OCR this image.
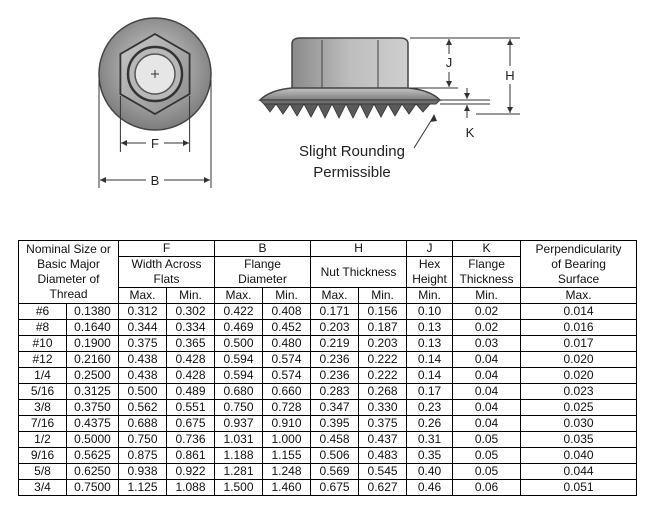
F
B
J
H
K
Slight Rounding
Permissible
Nominal Size or
Basic Major
Diameter of
Thread		F		B		H		J	K	Perpendicularity
of Bearing
Surface

		Width Across
Flats		Flange
Diameter		Nut Thickness		Hex
Height	Flange
Thickness	

		Max.	Min.	Max.	Min.	Max.	Min.	Min.	Min.	Max.
#6	0.1380	0.312	0.302	0.422	0.408	0.171	0.156	0.10	0.02	0.014
#8	0.1640	0.344	0.334	0.469	0.452	0.203	0.187	0.13	0.02	0.016
#10	0.1900	0.375	0.365	0.500	0.480	0.219	0.203	0.13	0.03	0.017
#12	0.2160	0.438	0.428	0.594	0.574	0.236	0.222	0.14	0.04	0.020
1/4	0.2500	0.438	0.428	0.594	0.574	0.236	0.222	0.14	0.04	0.020
5/16	0.3125	0.500	0.489	0.680	0.660	0.283	0.268	0.17	0.04	0.023
3/8	0.3750	0.562	0.551	0.750	0.728	0.347	0.330	0.23	0.04	0.025
7/16	0.4375	0.688	0.675	0.937	0.910	0.395	0.375	0.26	0.04	0.030
1/2	0.5000	0.750	0.736	1.031	1.000	0.458	0.437	0.31	0.05	0.035
9/16	0.5625	0.875	0.861	1.188	1.155	0.506	0.483	0.35	0.05	0.040
5/8	0.6250	0.938	0.922	1.281	1.248	0.569	0.545	0.40	0.05	0.044
3/4	0.7500	1.125	1.088	1.500	1.460	0.675	0.627	0.46	0.06	0.051
